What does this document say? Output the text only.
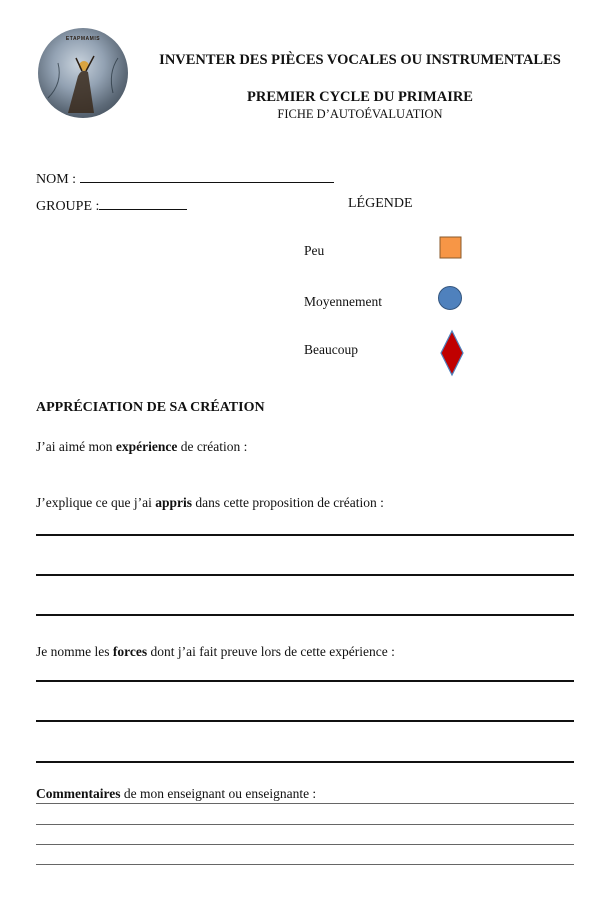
ETAPMAMIS
INVENTER DES PIÈCES VOCALES OU INSTRUMENTALES
PREMIER CYCLE DU PRIMAIRE
FICHE D’AUTOÉVALUATION
NOM :
GROUPE :	LÉGENDE
Peu
Moyennement
Beaucoup
APPRÉCIATION DE SA CRÉATION
J’ai aimé mon expérience de création :
J’explique ce que j’ai appris dans cette proposition de création :
Je nomme les forces dont j’ai fait preuve lors de cette expérience :
Commentaires de mon enseignant ou enseignante :
